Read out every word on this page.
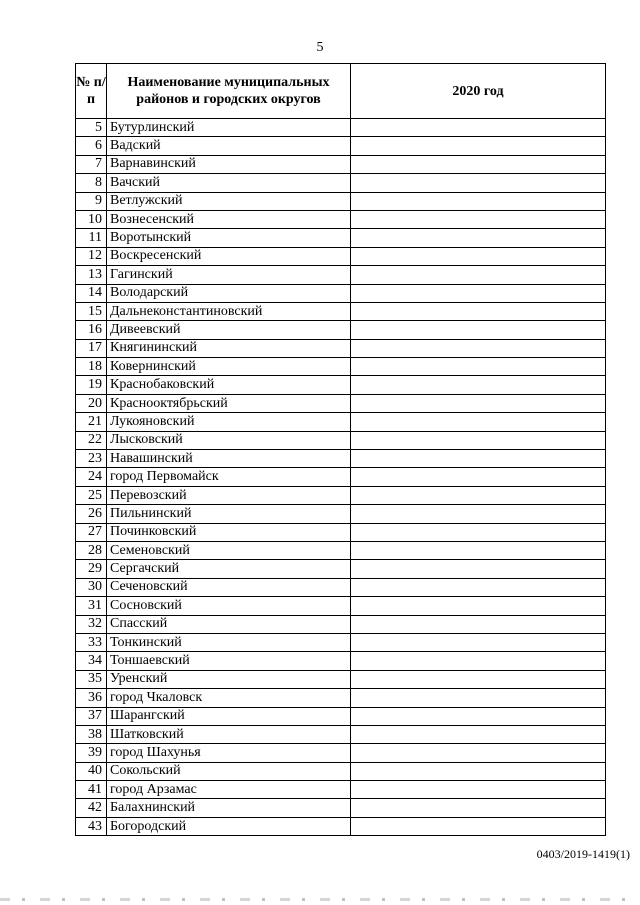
5
№ п/п	Наименование муниципальных районов и городских округов	2020 год
5	Бутурлинский	
6	Вадский	
7	Варнавинский	
8	Вачский	
9	Ветлужский	
10	Вознесенский	
11	Воротынский	
12	Воскресенский	
13	Гагинский	
14	Володарский	
15	Дальнеконстантиновский	
16	Дивеевский	
17	Княгининский	
18	Ковернинский	
19	Краснобаковский	
20	Краснооктябрьский	
21	Лукояновский	
22	Лысковский	
23	Навашинский	
24	город Первомайск	
25	Перевозский	
26	Пильнинский	
27	Починковский	
28	Семеновский	
29	Сергачский	
30	Сеченовский	
31	Сосновский	
32	Спасский	
33	Тонкинский	
34	Тоншаевский	
35	Уренский	
36	город Чкаловск	
37	Шарангский	
38	Шатковский	
39	город Шахунья	
40	Сокольский	
41	город Арзамас	
42	Балахнинский	
43	Богородский	
0403/2019-1419(1)
